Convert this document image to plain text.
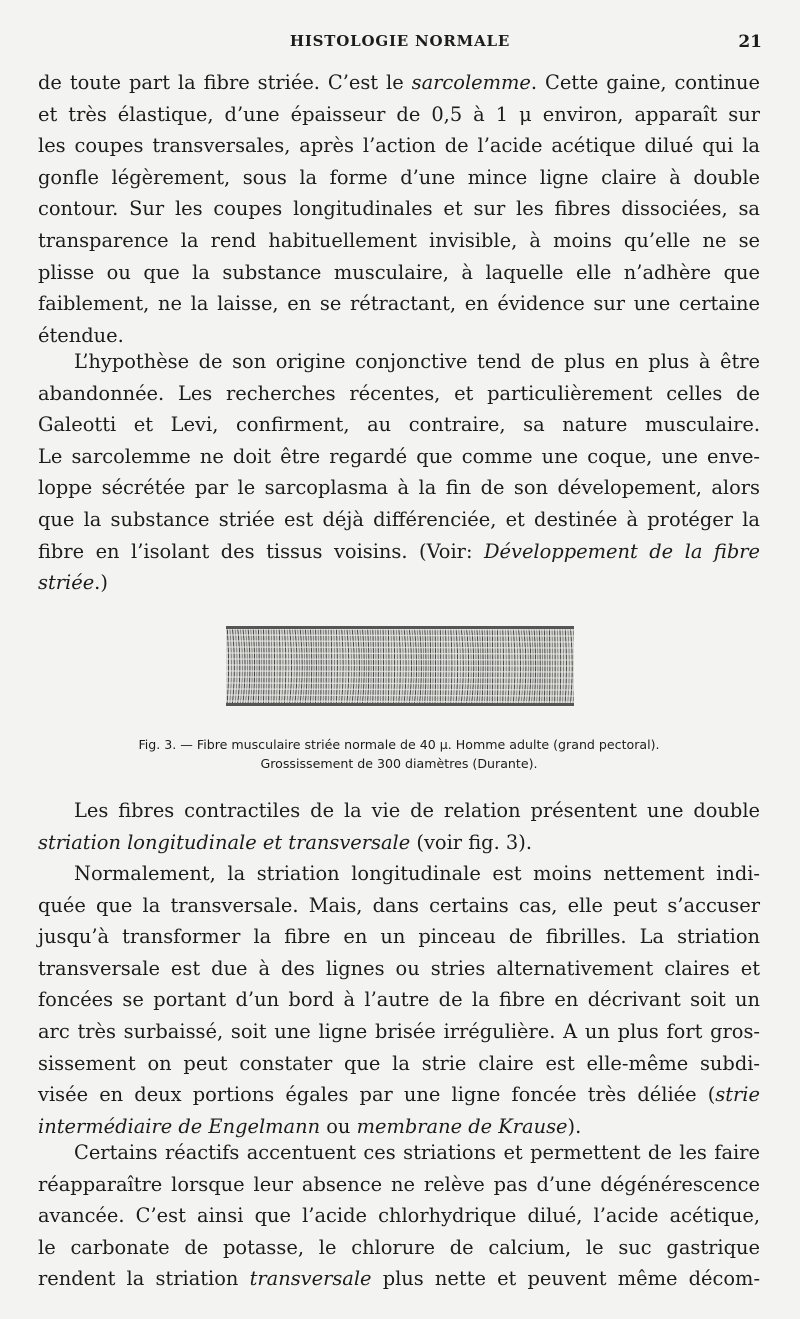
HISTOLOGIE NORMALE	21
de toute part la fibre striée. C’est le sarcolemme. Cette gaine, continue
et très élastique, d’une épaisseur de 0,5 à 1 μ environ, apparaît sur
les coupes transversales, après l’action de l’acide acétique dilué qui la
gonfle légèrement, sous la forme d’une mince ligne claire à double
contour. Sur les coupes longitudinales et sur les fibres dissociées, sa
transparence la rend habituellement invisible, à moins qu’elle ne se
plisse ou que la substance musculaire, à laquelle elle n’adhère que
faiblement, ne la laisse, en se rétractant, en évidence sur une certaine
étendue.
L’hypothèse de son origine conjonctive tend de plus en plus à être
abandonnée. Les recherches récentes, et particulièrement celles de
Galeotti et Levi, confirment, au contraire, sa nature musculaire.
Le sarcolemme ne doit être regardé que comme une coque, une enve-
loppe sécrétée par le sarcoplasma à la fin de son dévelopement, alors
que la substance striée est déjà différenciée, et destinée à protéger la
fibre en l’isolant des tissus voisins. (Voir: Développement de la fibre
striée.)
Fig. 3. — Fibre musculaire striée normale de 40 μ. Homme adulte (grand pectoral).
Grossissement de 300 diamètres (Durante).
Les fibres contractiles de la vie de relation présentent une double
striation longitudinale et transversale (voir fig. 3).
Normalement, la striation longitudinale est moins nettement indi-
quée que la transversale. Mais, dans certains cas, elle peut s’accuser
jusqu’à transformer la fibre en un pinceau de fibrilles. La striation
transversale est due à des lignes ou stries alternativement claires et
foncées se portant d’un bord à l’autre de la fibre en décrivant soit un
arc très surbaissé, soit une ligne brisée irrégulière. A un plus fort gros-
sissement on peut constater que la strie claire est elle-même subdi-
visée en deux portions égales par une ligne foncée très déliée (strie
intermédiaire de Engelmann ou membrane de Krause).
Certains réactifs accentuent ces striations et permettent de les faire
réapparaître lorsque leur absence ne relève pas d’une dégénérescence
avancée. C’est ainsi que l’acide chlorhydrique dilué, l’acide acétique,
le carbonate de potasse, le chlorure de calcium, le suc gastrique
rendent la striation transversale plus nette et peuvent même décom-
